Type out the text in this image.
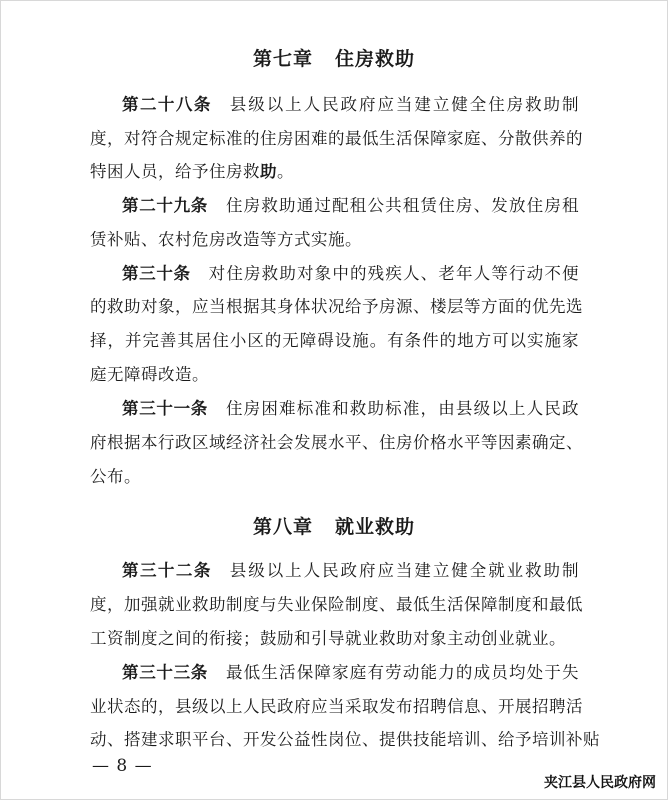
第七章 住房救助
第二十八条 县级以上人民政府应当建立健全住房救助制
度，对符合规定标准的住房困难的最低生活保障家庭、分散供养的
特困人员，给予住房救助。
第二十九条 住房救助通过配租公共租赁住房、发放住房租
赁补贴、农村危房改造等方式实施。
第三十条 对住房救助对象中的残疾人、老年人等行动不便
的救助对象，应当根据其身体状况给予房源、楼层等方面的优先选
择，并完善其居住小区的无障碍设施。有条件的地方可以实施家
庭无障碍改造。
第三十一条 住房困难标准和救助标准，由县级以上人民政
府根据本行政区域经济社会发展水平、住房价格水平等因素确定、
公布。
第八章 就业救助
第三十二条 县级以上人民政府应当建立健全就业救助制
度，加强就业救助制度与失业保险制度、最低生活保障制度和最低
工资制度之间的衔接；鼓励和引导就业救助对象主动创业就业。
第三十三条 最低生活保障家庭有劳动能力的成员均处于失
业状态的，县级以上人民政府应当采取发布招聘信息、开展招聘活
动、搭建求职平台、开发公益性岗位、提供技能培训、给予培训补贴
— 8 —
夹江县人民政府网
